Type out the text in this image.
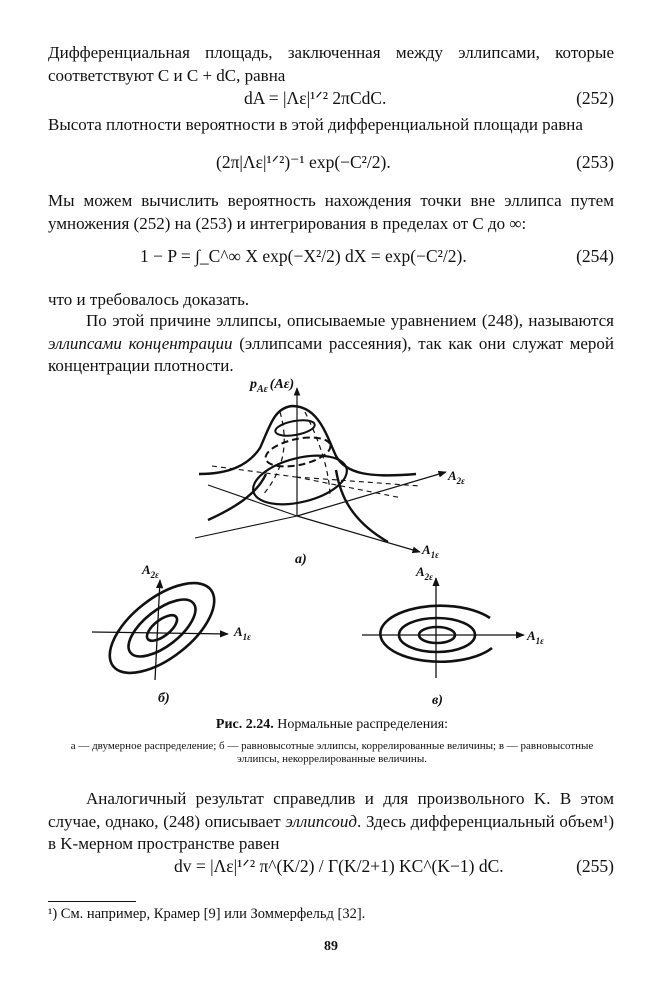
Дифференциальная площадь, заключенная между эллипсами, которые соответствуют C и C + dC, равна
dA = |Λε|¹ᐟ² 2πCdC.	(252)
Высота плотности вероятности в этой дифференциальной площади равна
(2π|Λε|¹ᐟ²)⁻¹ exp(−C²/2).	(253)
Мы можем вычислить вероятность нахождения точки вне эллипса путем умножения (252) на (253) и интегрирования в пределах от C до ∞:
1 − P = ∫_C^∞ X exp(−X²/2) dX = exp(−C²/2).	(254)
что и требовалось доказать.
По этой причине эллипсы, описываемые уравнением (248), называются эллипсами концентрации (эллипсами рассеяния), так как они служат мерой концентрации плотности.
$p_{A\varepsilon}$ (Aε)
$A_{2\varepsilon}$
$A_{1\varepsilon}$
а)
$A_{2\varepsilon}$
$A_{1\varepsilon}$
б)
$A_{2\varepsilon}$
$A_{1\varepsilon}$
в)
Рис. 2.24. Нормальные распределения:
а — двумерное распределение; б — равновысотные эллипсы, коррелированные величины; в — равновысотные эллипсы, некоррелированные величины.
Аналогичный результат справедлив и для произвольного K. В этом случае, однако, (248) описывает эллипсоид. Здесь дифференциальный объем¹) в K-мерном пространстве равен
dv = |Λε|¹ᐟ² π^(K/2) / Γ(K/2+1) KC^(K−1) dC.	(255)
¹) См. например, Крамер [9] или Зоммерфельд [32].
89
